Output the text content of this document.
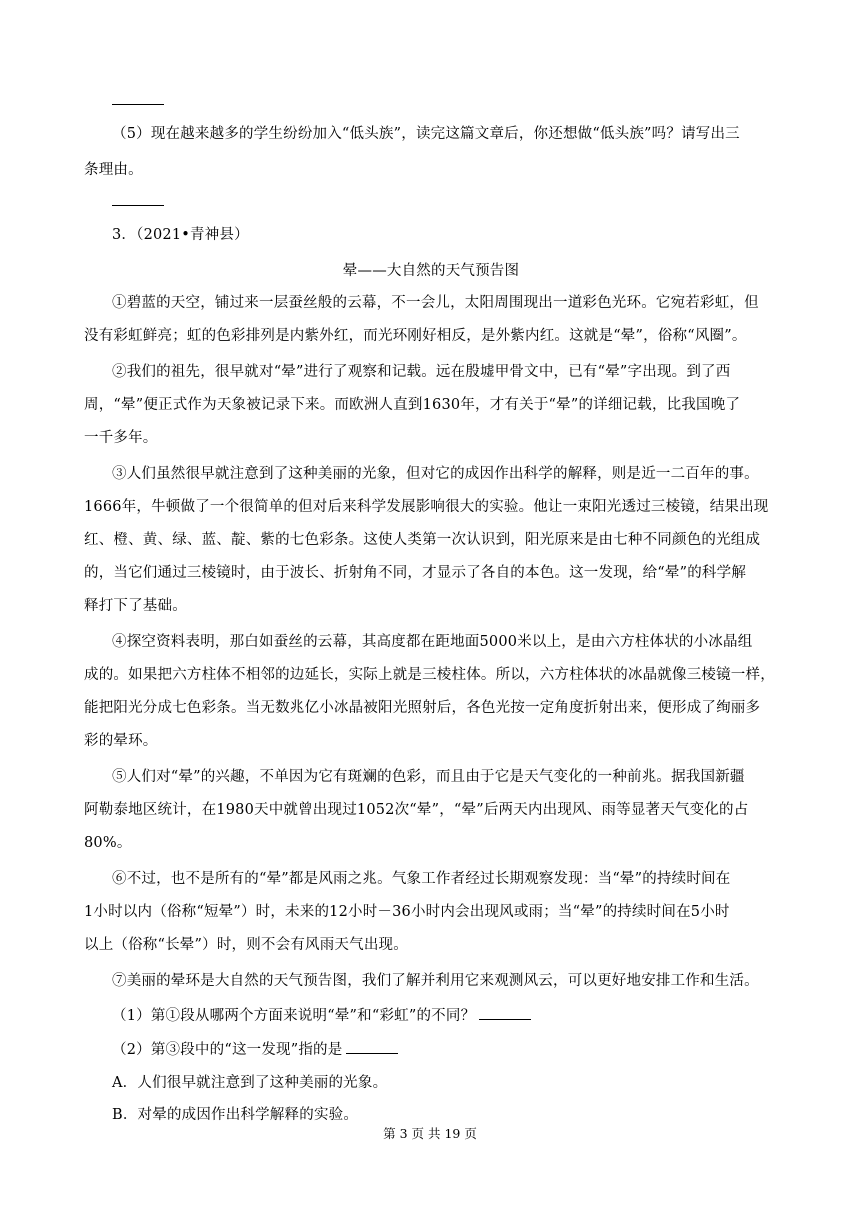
（5）现在越来越多的学生纷纷加入“低头族”，读完这篇文章后，你还想做“低头族”吗？请写出三
条理由。
3．（2021•青神县）
晕——大自然的天气预告图
①碧蓝的天空，铺过来一层蚕丝般的云幕，不一会儿，太阳周围现出一道彩色光环。它宛若彩虹，但
没有彩虹鲜亮；虹的色彩排列是内紫外红，而光环刚好相反，是外紫内红。这就是“晕”，俗称“风圈”。
②我们的祖先，很早就对“晕”进行了观察和记载。远在殷墟甲骨文中，已有“晕”字出现。到了西
周，“晕”便正式作为天象被记录下来。而欧洲人直到1630年，才有关于“晕”的详细记载，比我国晚了
一千多年。
③人们虽然很早就注意到了这种美丽的光象，但对它的成因作出科学的解释，则是近一二百年的事。
1666年，牛顿做了一个很简单的但对后来科学发展影响很大的实验。他让一束阳光透过三棱镜，结果出现
红、橙、黄、绿、蓝、靛、紫的七色彩条。这使人类第一次认识到，阳光原来是由七种不同颜色的光组成
的，当它们通过三棱镜时，由于波长、折射角不同，才显示了各自的本色。这一发现，给“晕”的科学解
释打下了基础。
④探空资料表明，那白如蚕丝的云幕，其高度都在距地面5000米以上，是由六方柱体状的小冰晶组
成的。如果把六方柱体不相邻的边延长，实际上就是三棱柱体。所以，六方柱体状的冰晶就像三棱镜一样，
能把阳光分成七色彩条。当无数兆亿小冰晶被阳光照射后，各色光按一定角度折射出来，便形成了绚丽多
彩的晕环。
⑤人们对“晕”的兴趣，不单因为它有斑斓的色彩，而且由于它是天气变化的一种前兆。据我国新疆
阿勒泰地区统计，在1980天中就曾出现过1052次“晕”，“晕”后两天内出现风、雨等显著天气变化的占
80%。
⑥不过，也不是所有的“晕”都是风雨之兆。气象工作者经过长期观察发现：当“晕”的持续时间在
1小时以内（俗称“短晕”）时，未来的12小时－36小时内会出现风或雨；当“晕”的持续时间在5小时
以上（俗称“长晕”）时，则不会有风雨天气出现。
⑦美丽的晕环是大自然的天气预告图，我们了解并利用它来观测风云，可以更好地安排工作和生活。
（1）第①段从哪两个方面来说明“晕”和“彩虹”的不同？
（2）第③段中的“这一发现”指的是
A．人们很早就注意到了这种美丽的光象。
B．对晕的成因作出科学解释的实验。
第 3 页 共 19 页
